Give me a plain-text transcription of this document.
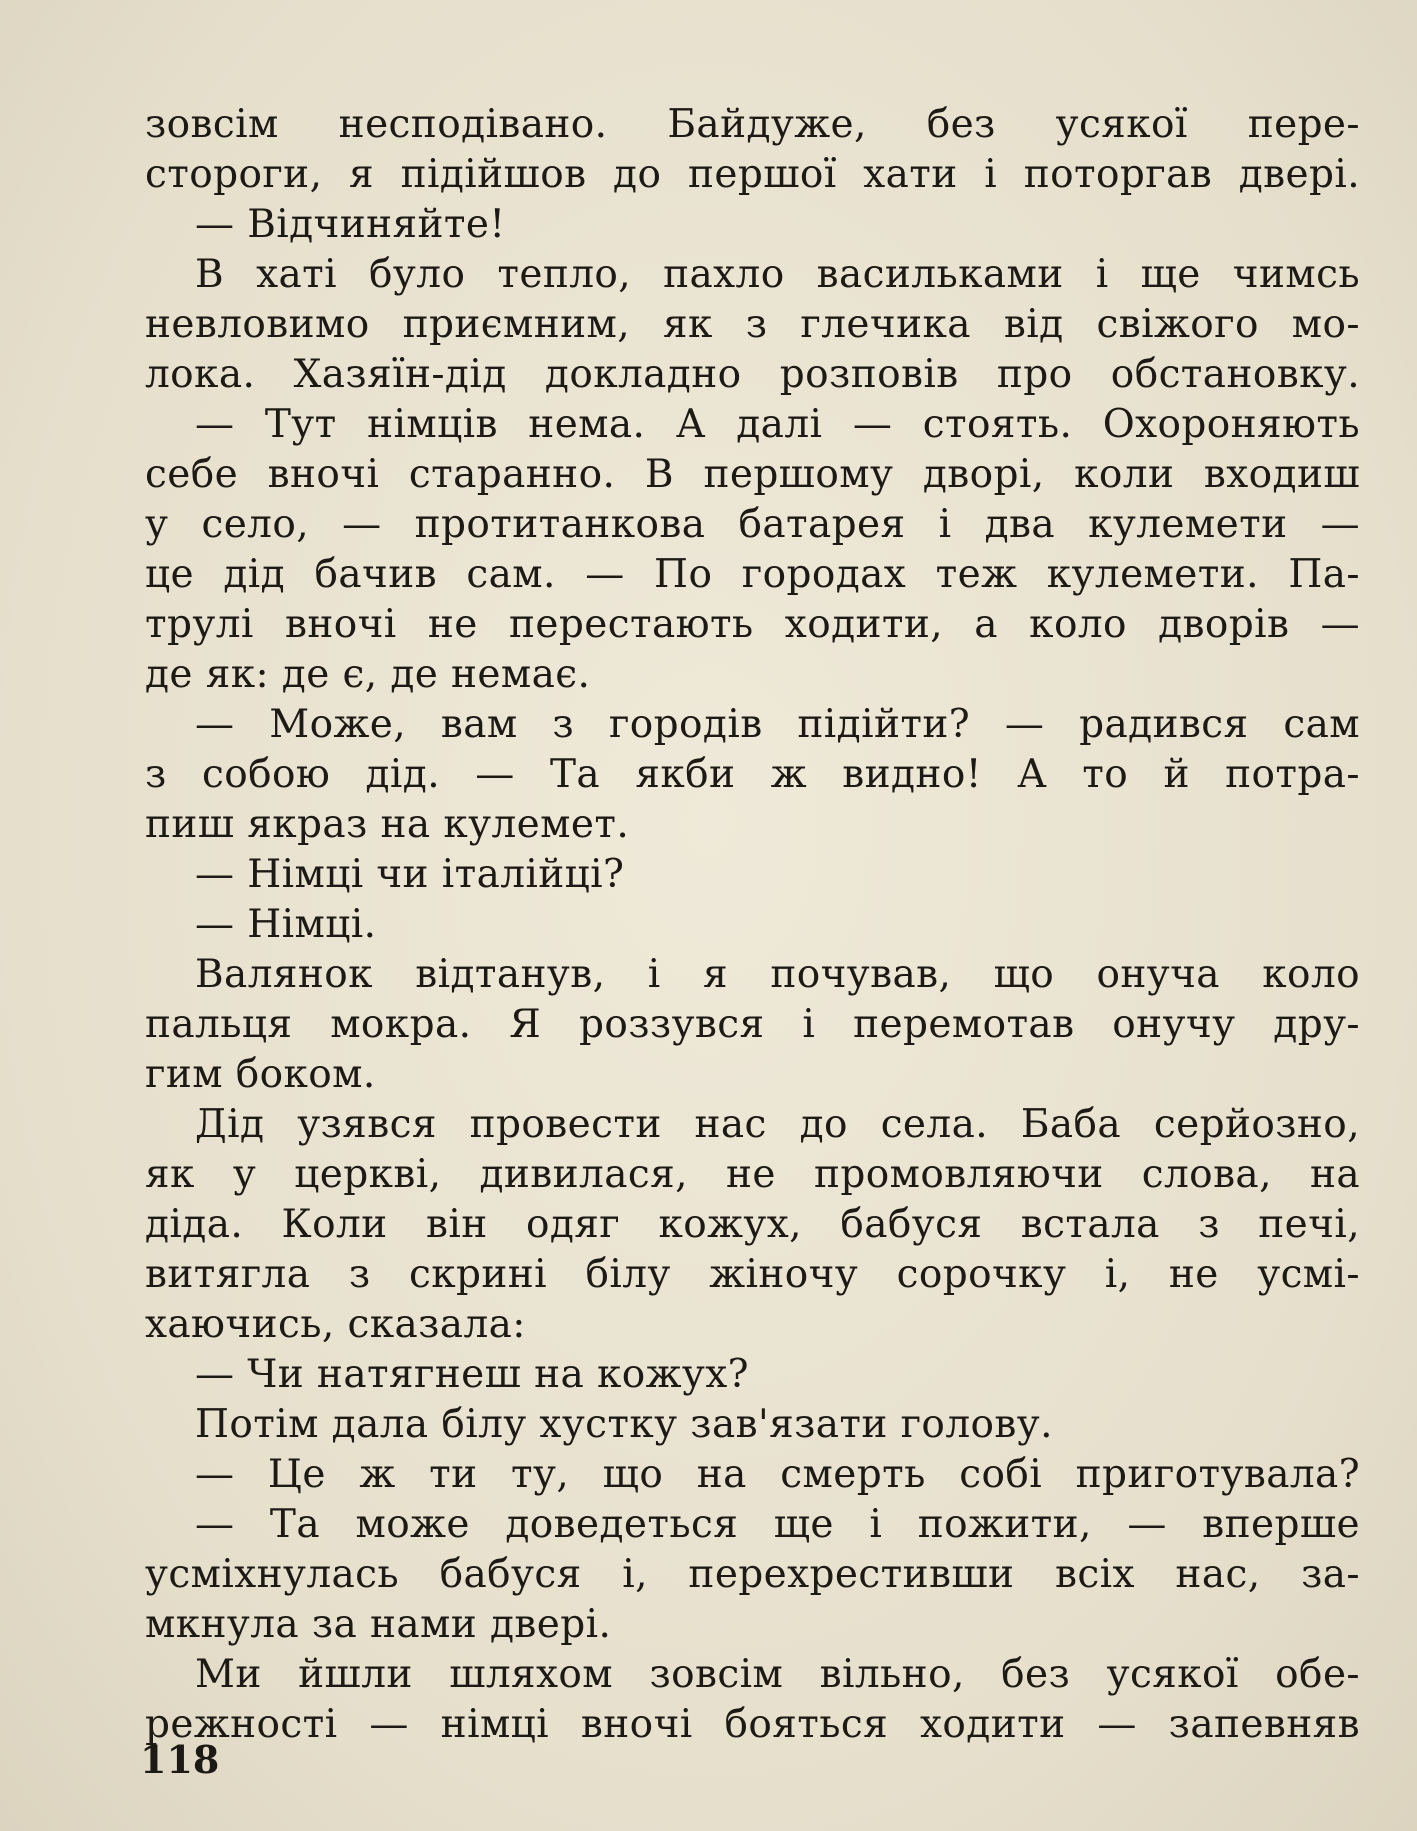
зовсім несподівано. Байдуже, без усякої пере-
стороги, я підійшов до першої хати і поторгав двері.
— Відчиняйте!
В хаті було тепло, пахло васильками і ще чимсь
невловимо приємним, як з глечика від свіжого мо-
лока. Хазяїн-дід докладно розповів про обстановку.
— Тут німців нема. А далі — стоять. Охороняють
себе вночі старанно. В першому дворі, коли входиш
у село, — протитанкова батарея і два кулемети —
це дід бачив сам. — По городах теж кулемети. Па-
трулі вночі не перестають ходити, а коло дворів —
де як: де є, де немає.
— Може, вам з городів підійти? — радився сам
з собою дід. — Та якби ж видно! А то й потра-
пиш якраз на кулемет.
— Німці чи італійці?
— Німці.
Валянок відтанув, і я почував, що онуча коло
пальця мокра. Я роззувся і перемотав онучу дру-
гим боком.
Дід узявся провести нас до села. Баба серйозно,
як у церкві, дивилася, не промовляючи слова, на
діда. Коли він одяг кожух, бабуся встала з печі,
витягла з скрині білу жіночу сорочку і, не усмі-
хаючись, сказала:
— Чи натягнеш на кожух?
Потім дала білу хустку зав'язати голову.
— Це ж ти ту, що на смерть собі приготувала?
— Та може доведеться ще і пожити, — вперше
усміхнулась бабуся і, перехрестивши всіх нас, за-
мкнула за нами двері.
Ми йшли шляхом зовсім вільно, без усякої обе-
режності — німці вночі бояться ходити — запевняв
118
